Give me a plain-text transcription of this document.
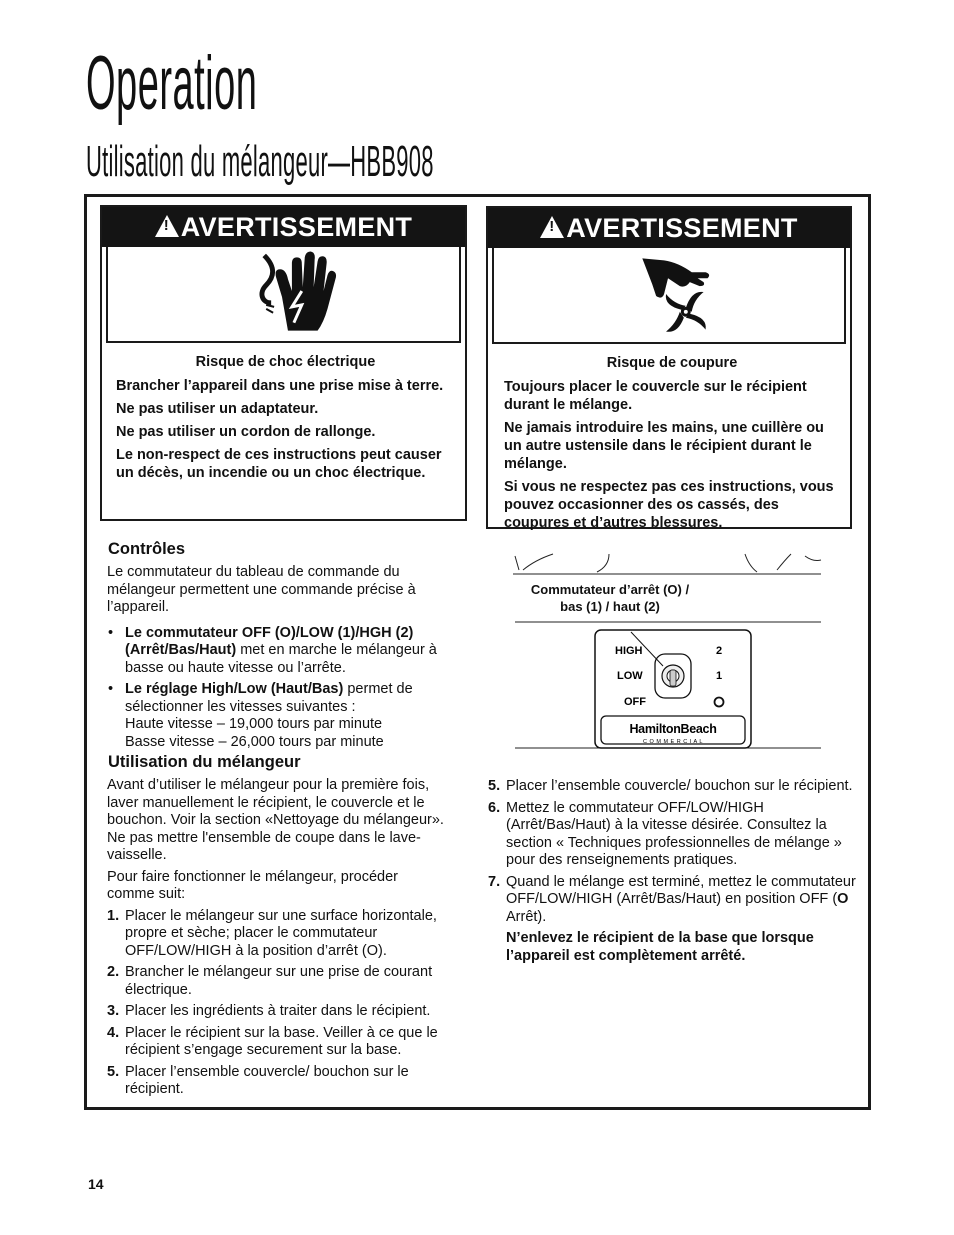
Operation
Utilisation du mélangeur—HBB908
!AVERTISSEMENT
Risque de choc électrique

Brancher l’appareil dans une prise mise à terre.

Ne pas utiliser un adaptateur.

Ne pas utiliser un cordon de rallonge.

Le non-respect de ces instructions peut causer un décès, un incendie ou un choc électrique.

!AVERTISSEMENT
Risque de coupure

Toujours placer le couvercle sur le récipient durant le mélange.

Ne jamais introduire les mains, une cuillère ou un autre ustensile dans le récipient durant le mélange.

Si vous ne respectez pas ces instructions, vous pouvez occasionner des os cassés, des coupures et d’autres blessures.

Contrôles

Le commutateur du tableau de commande du mélangeur permettent une commande précise à l’appareil.

• Le commutateur OFF (O)/LOW (1)/HGH (2) (Arrêt/Bas/Haut) met en marche le mélangeur à basse ou haute vitesse ou l’arrête.
• Le réglage High/Low (Haut/Bas) permet de sélectionner les vitesses suivantes :
Haute vitesse – 19,000 tours par minute
Basse vitesse – 26,000 tours par minute
Utilisation du mélangeur

Avant d’utiliser le mélangeur pour la première fois, laver manuellement le récipient, le couvercle et le bouchon. Voir la section «Nettoyage du mélangeur». Ne pas mettre l'ensemble de coupe dans le lave-vaisselle.

Pour faire fonctionner le mélangeur, procéder comme suit:

1. Placer le mélangeur sur une surface horizontale, propre et sèche; placer le commutateur OFF/LOW/HIGH à la position d’arrêt (O).
2. Brancher le mélangeur sur une prise de courant électrique.
3. Placer les ingrédients à traiter dans le récipient.
4. Placer le récipient sur la base. Veiller à ce que le récipient s’engage securement sur la base.
5. Placer l’ensemble couvercle/ bouchon sur le récipient.
HIGH
LOW
OFF
2
1
HamiltonBeach
C O M M E R C I A L
Commutateur d’arrêt (O) /
bas (1) / haut (2)
5. Placer l’ensemble couvercle/ bouchon sur le récipient.
6. Mettez le commutateur OFF/LOW/HIGH (Arrêt/Bas/Haut) à la vitesse désirée. Consultez la section « Techniques professionnelles de mélange » pour des renseignements pratiques.
7. Quand le mélange est terminé, mettez le commutateur OFF/LOW/HIGH (Arrêt/Bas/Haut) en position OFF (O Arrêt).

N’enlevez le récipient de la base que lorsque l’appareil est complètement arrêté.

14
